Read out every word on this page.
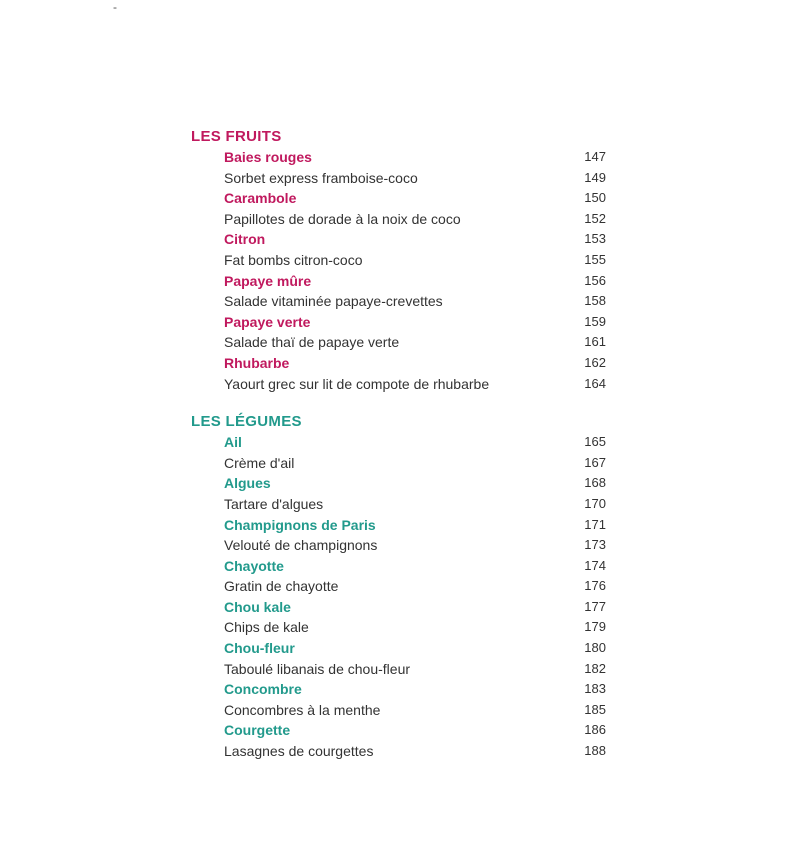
-
LES FRUITS
Baies rouges	147
Sorbet express framboise-coco	149
Carambole	150
Papillotes de dorade à la noix de coco	152
Citron	153
Fat bombs citron-coco	155
Papaye mûre	156
Salade vitaminée papaye-crevettes	158
Papaye verte	159
Salade thaï de papaye verte	161
Rhubarbe	162
Yaourt grec sur lit de compote de rhubarbe	164
LES LÉGUMES
Ail	165
Crème d'ail	167
Algues	168
Tartare d'algues	170
Champignons de Paris	171
Velouté de champignons	173
Chayotte	174
Gratin de chayotte	176
Chou kale	177
Chips de kale	179
Chou-fleur	180
Taboulé libanais de chou-fleur	182
Concombre	183
Concombres à la menthe	185
Courgette	186
Lasagnes de courgettes	188
